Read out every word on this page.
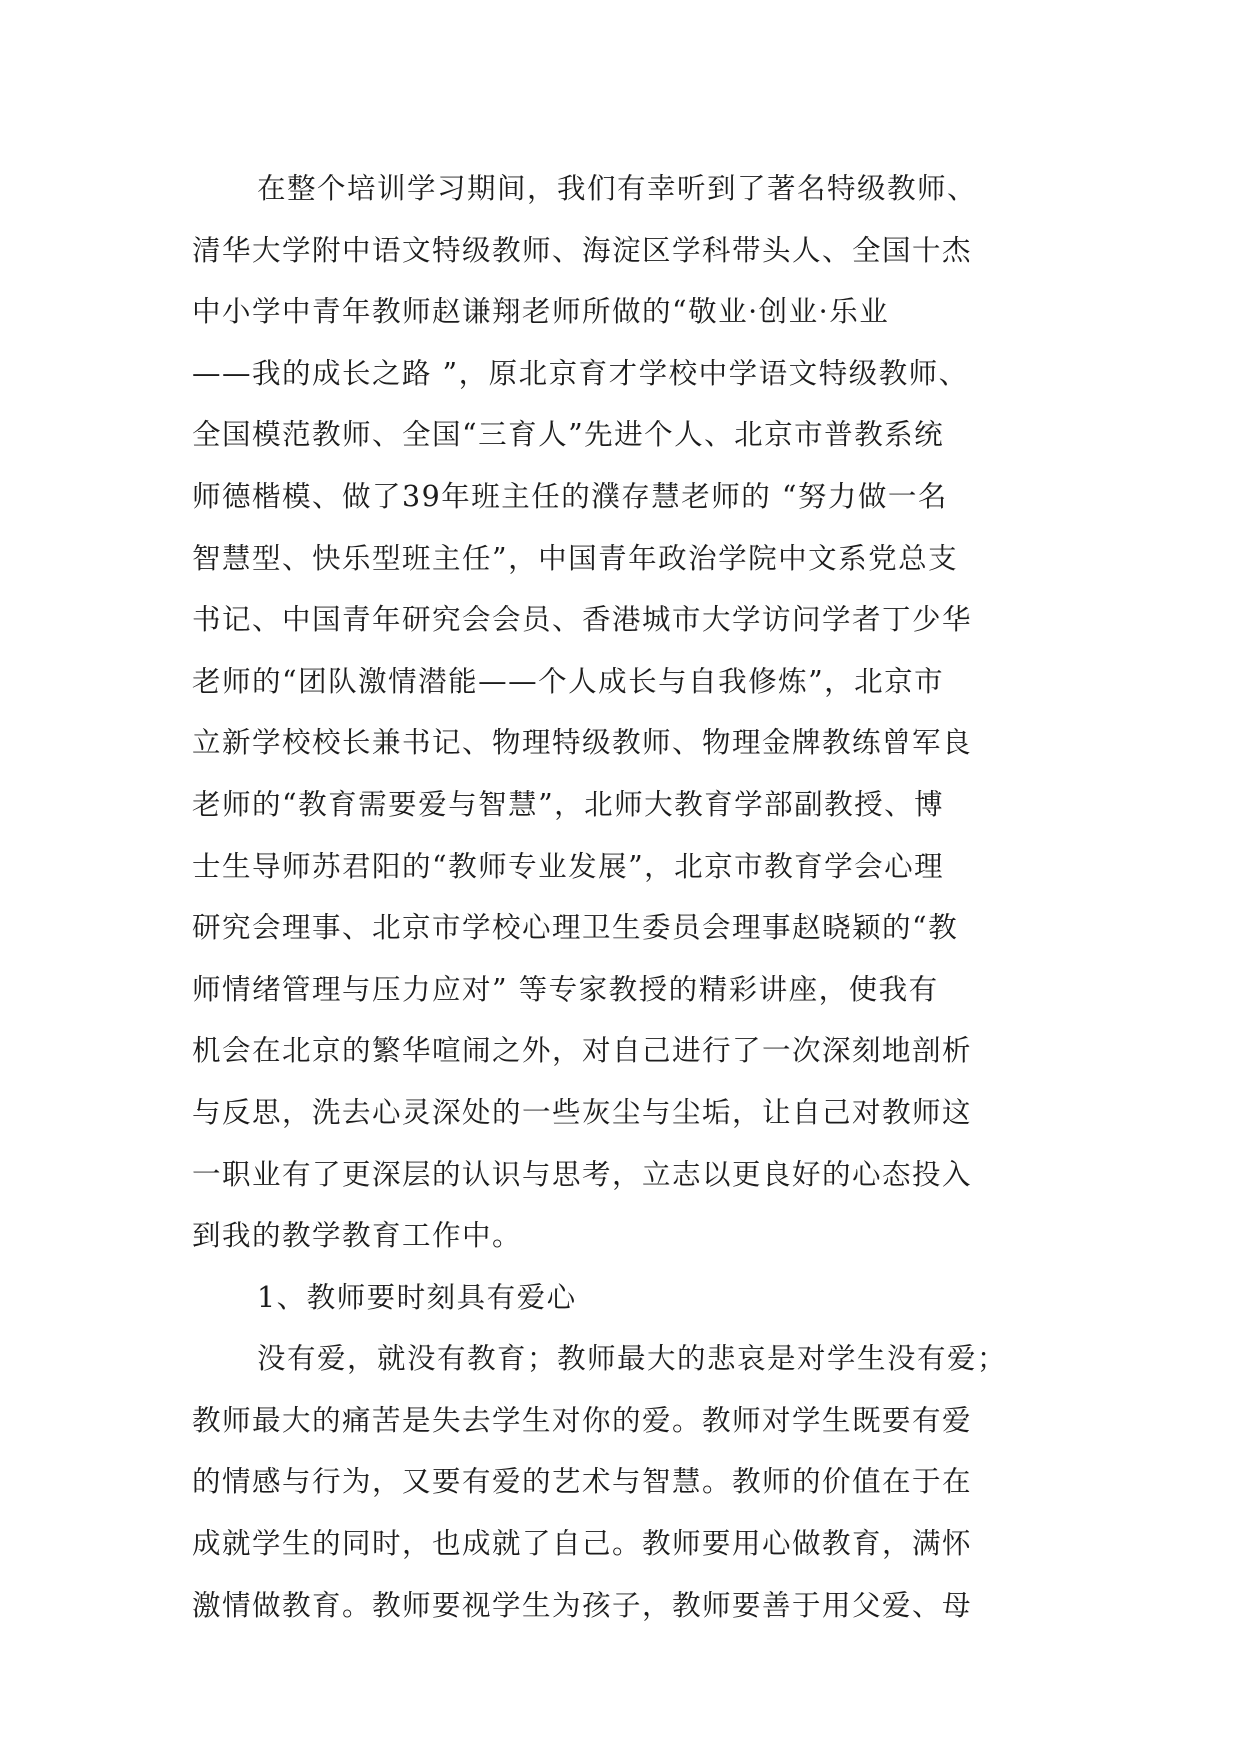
在整个培训学习期间，我们有幸听到了著名特级教师、
清华大学附中语文特级教师、海淀区学科带头人、全国十杰
中小学中青年教师赵谦翔老师所做的“敬业·创业·乐业
——我的成长之路 ”，原北京育才学校中学语文特级教师、
全国模范教师、全国“三育人”先进个人、北京市普教系统
师德楷模、做了39年班主任的濮存慧老师的 “努力做一名
智慧型、快乐型班主任”，中国青年政治学院中文系党总支
书记、中国青年研究会会员、香港城市大学访问学者丁少华
老师的“团队激情潜能——个人成长与自我修炼”，北京市
立新学校校长兼书记、物理特级教师、物理金牌教练曾军良
老师的“教育需要爱与智慧”，北师大教育学部副教授、博
士生导师苏君阳的“教师专业发展”，北京市教育学会心理
研究会理事、北京市学校心理卫生委员会理事赵晓颖的“教
师情绪管理与压力应对” 等专家教授的精彩讲座，使我有
机会在北京的繁华喧闹之外，对自己进行了一次深刻地剖析
与反思，洗去心灵深处的一些灰尘与尘垢，让自己对教师这
一职业有了更深层的认识与思考，立志以更良好的心态投入
到我的教学教育工作中。
1、教师要时刻具有爱心
没有爱，就没有教育；教师最大的悲哀是对学生没有爱；
教师最大的痛苦是失去学生对你的爱。教师对学生既要有爱
的情感与行为，又要有爱的艺术与智慧。教师的价值在于在
成就学生的同时，也成就了自己。教师要用心做教育，满怀
激情做教育。教师要视学生为孩子，教师要善于用父爱、母
